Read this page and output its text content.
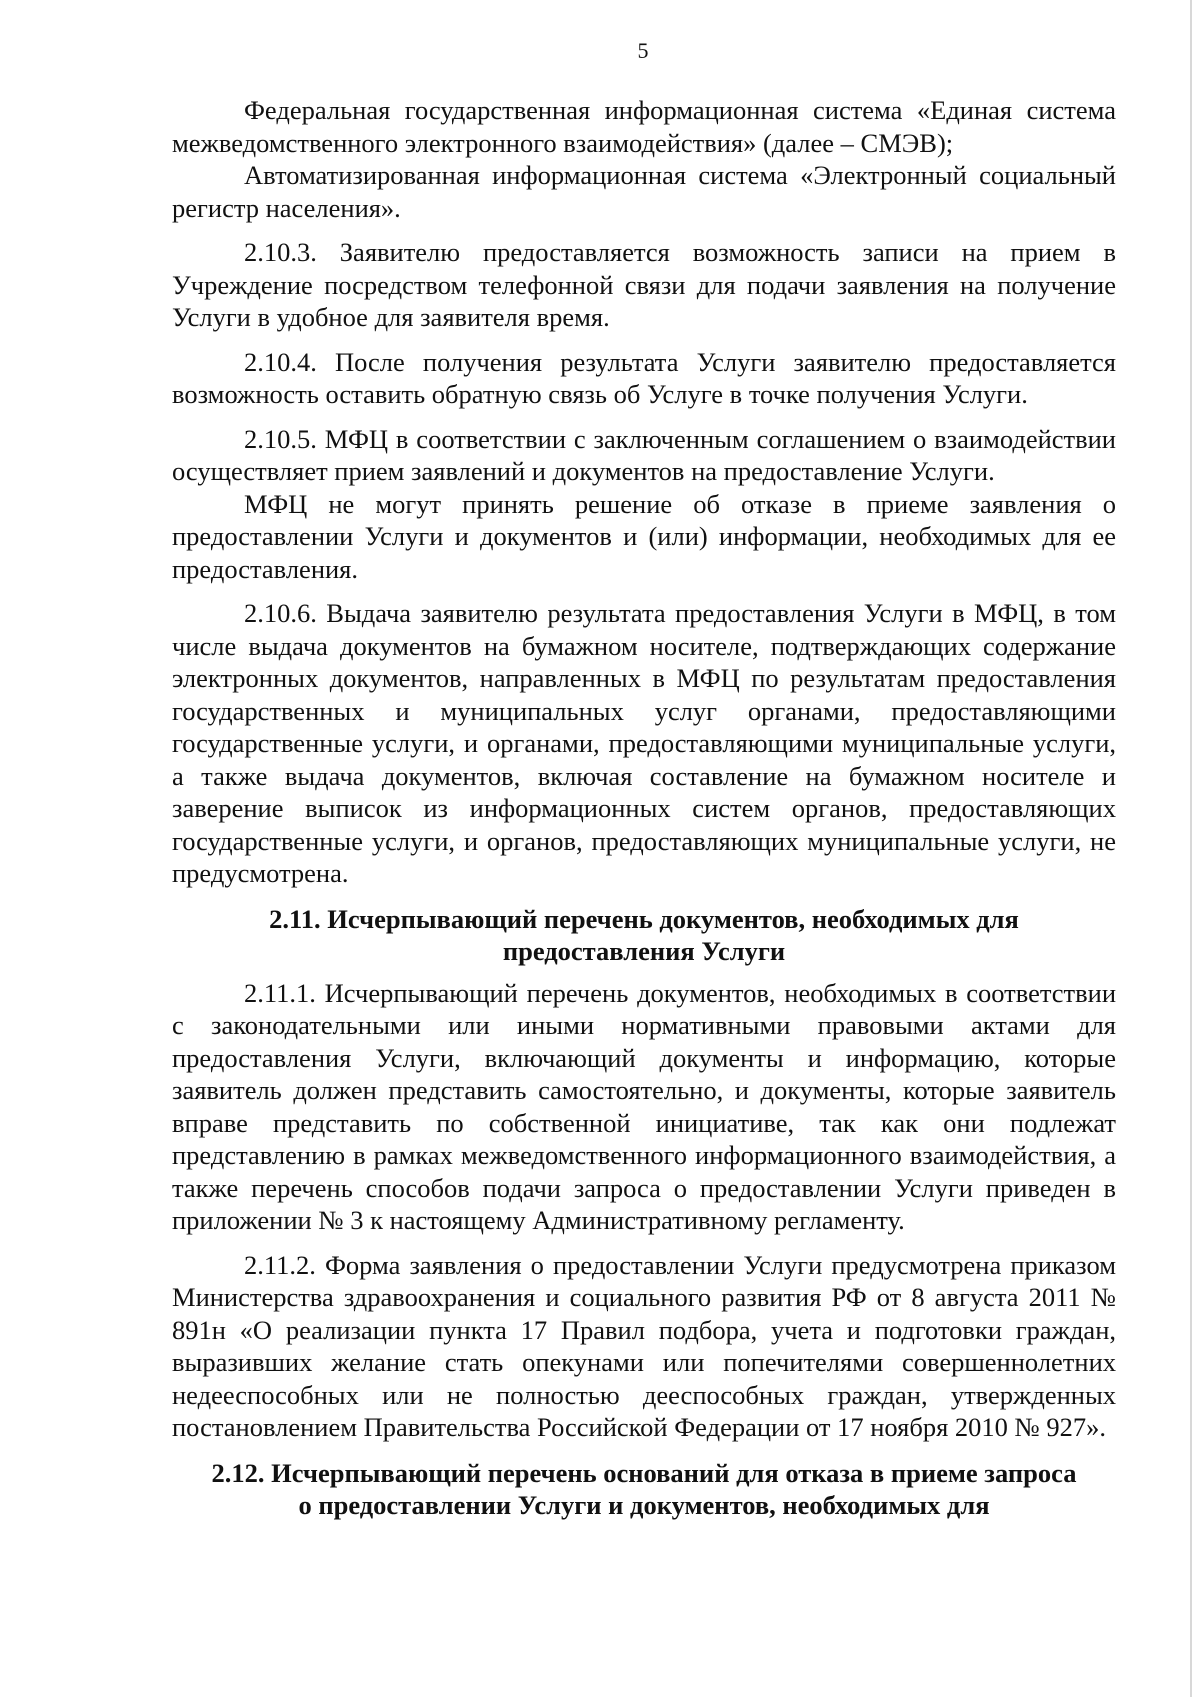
5

Федеральная государственная информационная система «Единая система межведомственного электронного взаимодействия» (далее – СМЭВ);

Автоматизированная информационная система «Электронный социальный регистр населения».

2.10.3. Заявителю предоставляется возможность записи на прием в Учреждение посредством телефонной связи для подачи заявления на получение Услуги в удобное для заявителя время.

2.10.4. После получения результата Услуги заявителю предоставляется возможность оставить обратную связь об Услуге в точке получения Услуги.

2.10.5. МФЦ в соответствии с заключенным соглашением о взаимодействии осуществляет прием заявлений и документов на предоставление Услуги.

МФЦ не могут принять решение об отказе в приеме заявления о предоставлении Услуги и документов и (или) информации, необходимых для ее предоставления.

2.10.6. Выдача заявителю результата предоставления Услуги в МФЦ, в том числе выдача документов на бумажном носителе, подтверждающих содержание электронных документов, направленных в МФЦ по результатам предоставления государственных и муниципальных услуг органами, предоставляющими государственные услуги, и органами, предоставляющими муниципальные услуги, а также выдача документов, включая составление на бумажном носителе и заверение выписок из информационных систем органов, предоставляющих государственные услуги, и органов, предоставляющих муниципальные услуги, не предусмотрена.

2.11. Исчерпывающий перечень документов, необходимых для
предоставления Услуги

2.11.1. Исчерпывающий перечень документов, необходимых в соответствии с законодательными или иными нормативными правовыми актами для предоставления Услуги, включающий документы и информацию, которые заявитель должен представить самостоятельно, и документы, которые заявитель вправе представить по собственной инициативе, так как они подлежат представлению в рамках межведомственного информационного взаимодействия, а также перечень способов подачи запроса о предоставлении Услуги приведен в приложении № 3 к настоящему Административному регламенту.

2.11.2. Форма заявления о предоставлении Услуги предусмотрена приказом Министерства здравоохранения и социального развития РФ от 8 августа 2011 № 891н «О реализации пункта 17 Правил подбора, учета и подготовки граждан, выразивших желание стать опекунами или попечителями совершеннолетних недееспособных или не полностью дееспособных граждан, утвержденных постановлением Правительства Российской Федерации от 17 ноября 2010 № 927».

2.12. Исчерпывающий перечень оснований для отказа в приеме запроса
о предоставлении Услуги и документов, необходимых для
